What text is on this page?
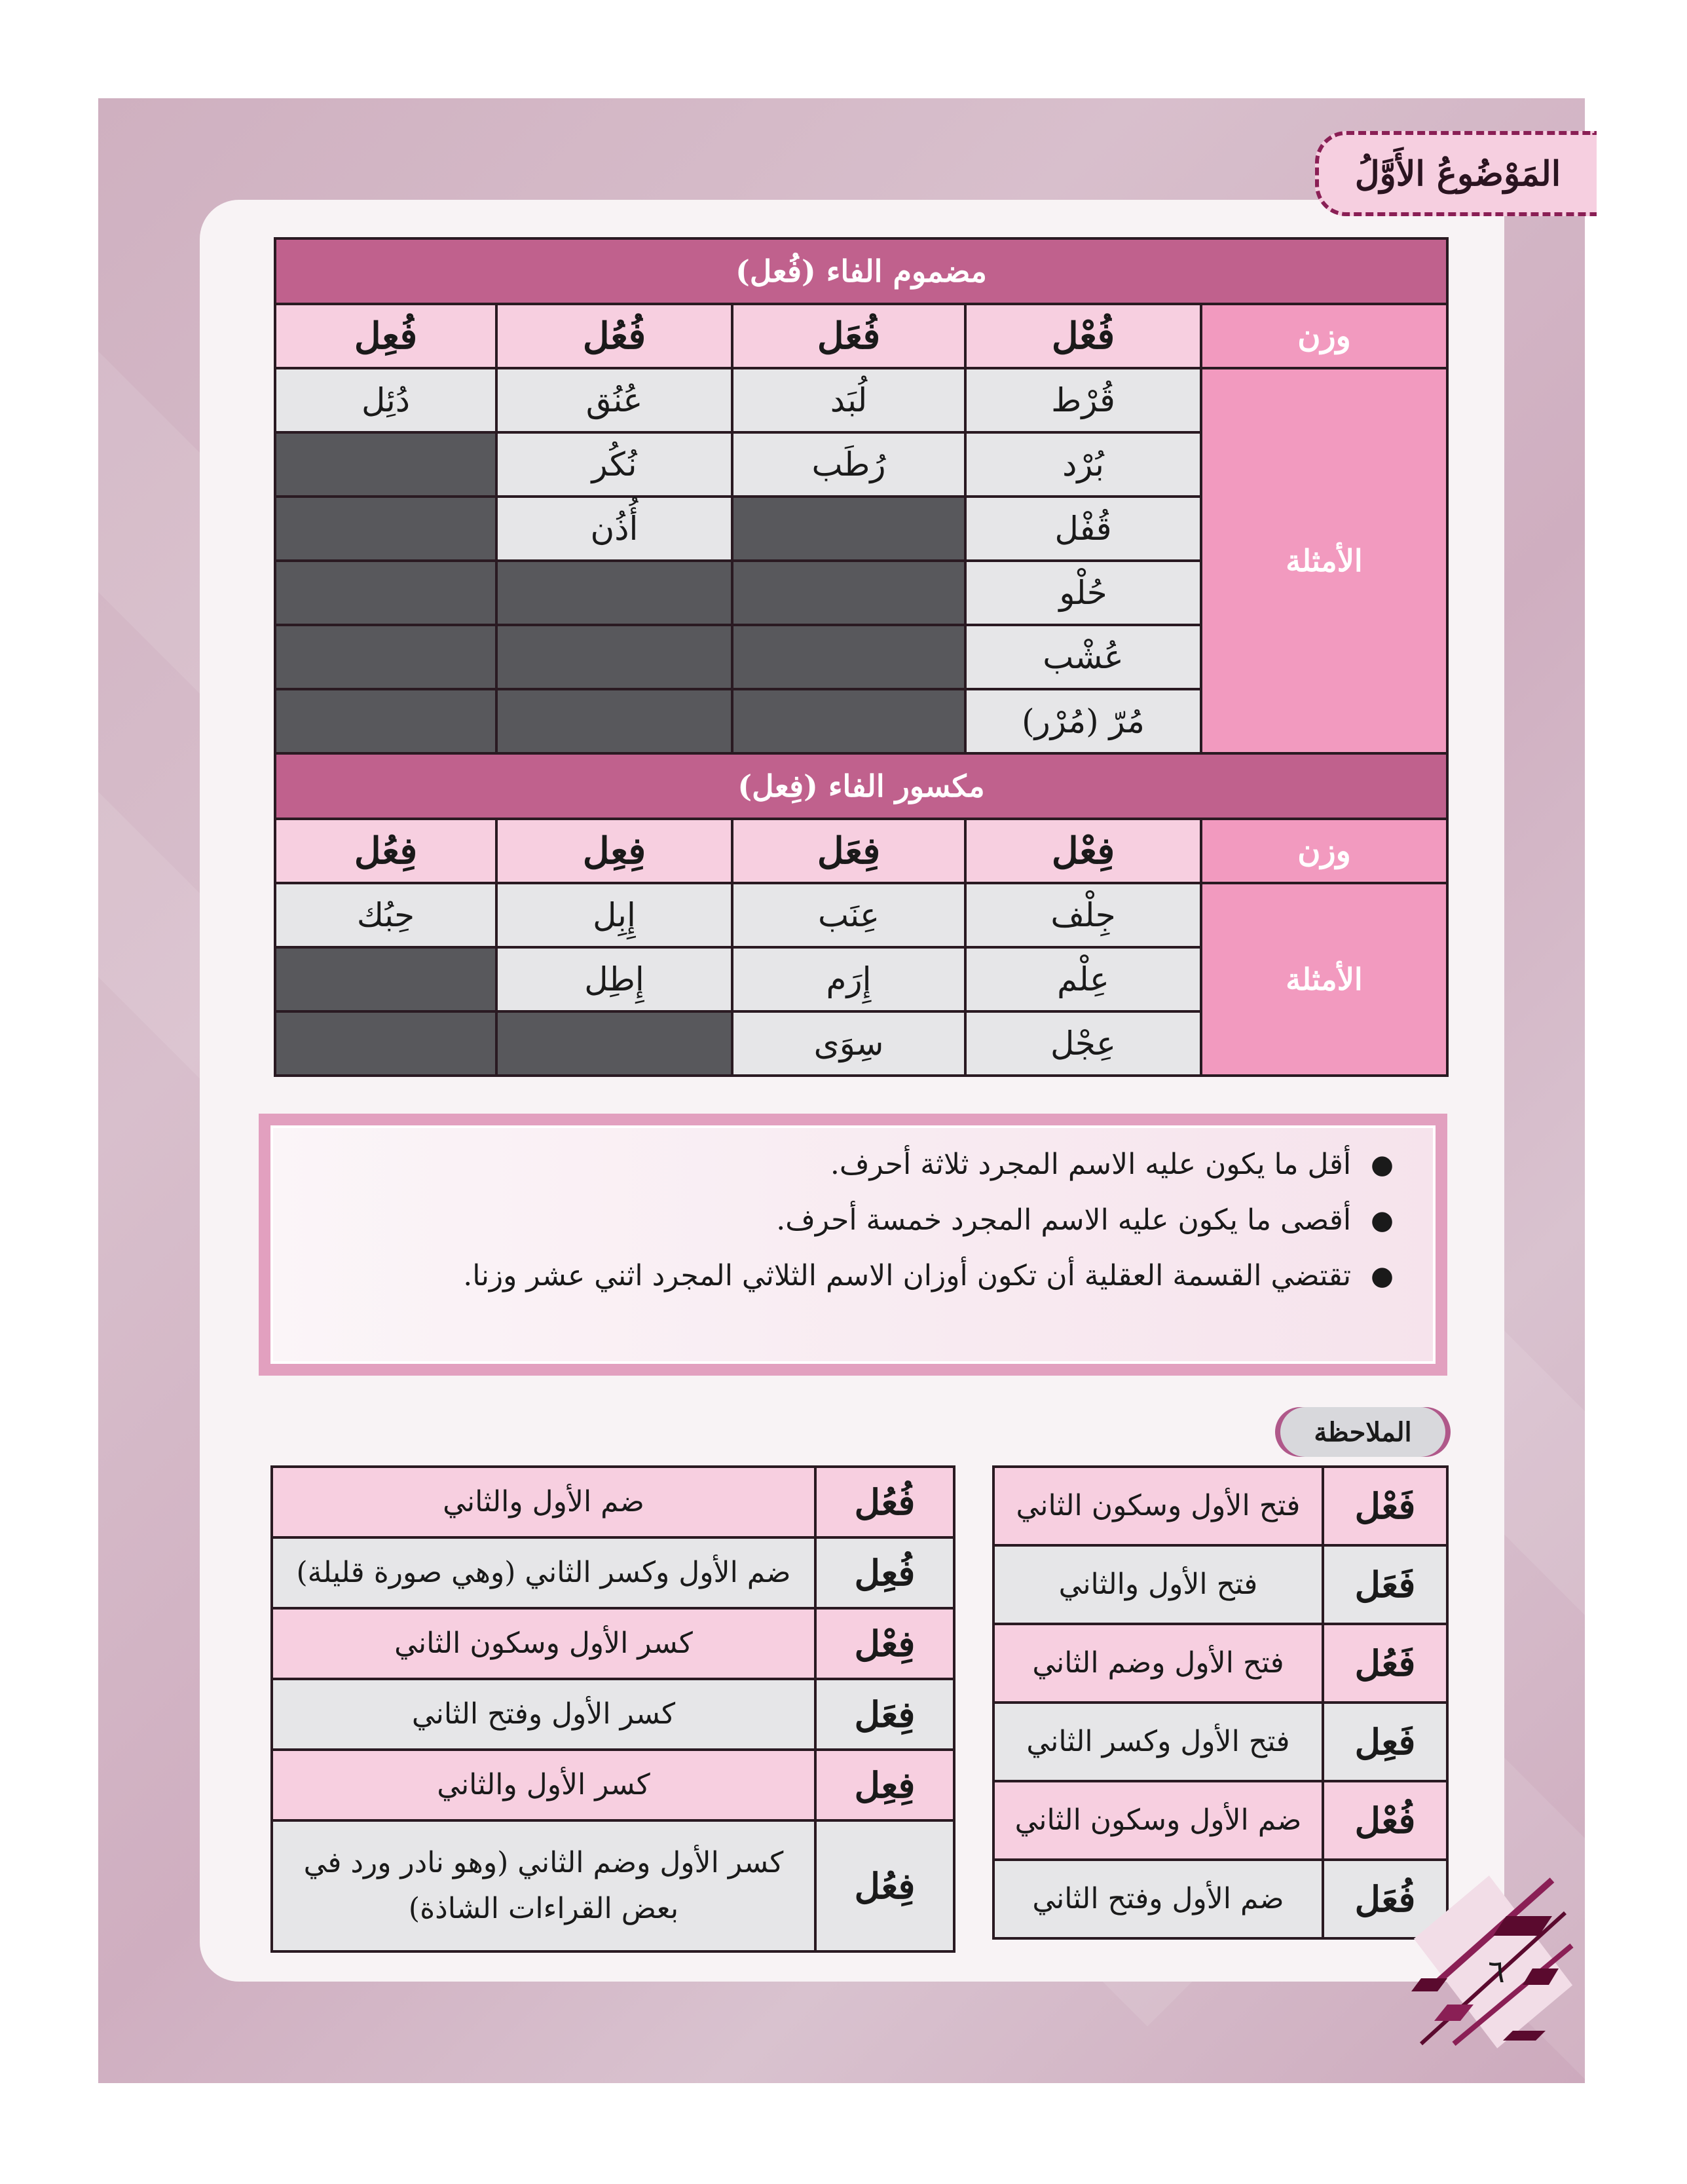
المَوْضُوعُ الأَوَّلُ
مضموم الفاء (فُعل)				
وزن	فُعْل	فُعَل	فُعُل	فُعِل
الأمثلة	قُرْط	لُبَد	عُنُق	دُئِل
	بُرْد	رُطَب	نُكُر	
	قُفْل		أُذُن	
	حُلْو			
	عُشْب			
	مُرّ (مُرْر)			
مكسور الفاء (فِعل)				
وزن	فِعْل	فِعَل	فِعِل	فِعُل
الأمثلة	جِلْف	عِنَب	إِبِل	حِبُك
	عِلْم	إِرَم	إِطِل	
	عِجْل	سِوَى		
●
أقل ما يكون عليه الاسم المجرد ثلاثة أحرف.
●
أقصى ما يكون عليه الاسم المجرد خمسة أحرف.
●
تقتضي القسمة العقلية أن تكون أوزان الاسم الثلاثي المجرد اثني عشر وزنا.
الملاحظة
فَعْل	فتح الأول وسكون الثاني
فَعَل	فتح الأول والثاني
فَعُل	فتح الأول وضم الثاني
فَعِل	فتح الأول وكسر الثاني
فُعْل	ضم الأول وسكون الثاني
فُعَل	ضم الأول وفتح الثاني
فُعُل	ضم الأول والثاني
فُعِل	ضم الأول وكسر الثاني (وهي صورة قليلة)
فِعْل	كسر الأول وسكون الثاني
فِعَل	كسر الأول وفتح الثاني
فِعِل	كسر الأول والثاني
فِعُل	كسر الأول وضم الثاني (وهو نادر ورد في بعض القراءات الشاذة)
٦
